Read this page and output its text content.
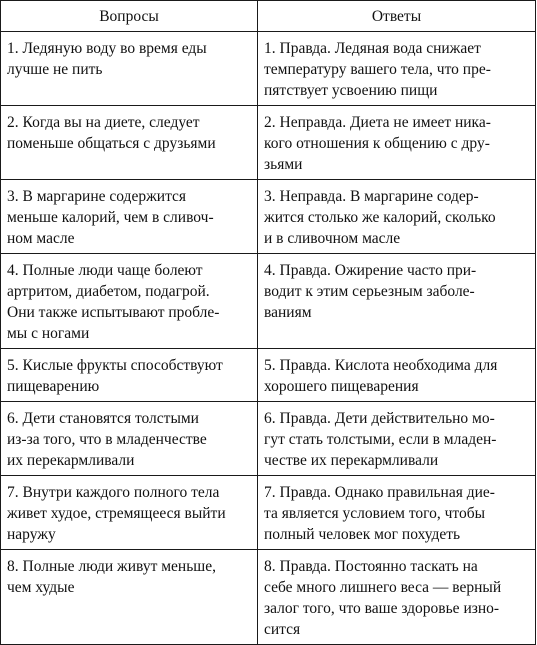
Вопросы	Ответы

1. Ледяную воду во время еды
лучше не пить	1. Правда. Ледяная вода снижает
температуру вашего тела, что пре-
пятствует усвоению пищи

2. Когда вы на диете, следует
поменьше общаться с друзьями	2. Неправда. Диета не имеет ника-
кого отношения к общению с дру-
зьями

3. В маргарине содержится
меньше калорий, чем в сливоч-
ном масле	3. Неправда. В маргарине содер-
жится столько же калорий, сколько
и в сливочном масле

4. Полные люди чаще болеют
артритом, диабетом, подагрой.
Они также испытывают пробле-
мы с ногами	4. Правда. Ожирение часто при-
водит к этим серьезным заболе-
ваниям

5. Кислые фрукты способствуют
пищеварению	5. Правда. Кислота необходима для
хорошего пищеварения

6. Дети становятся толстыми
из-за того, что в младенчестве
их перекармливали	6. Правда. Дети действительно мо-
гут стать толстыми, если в младен-
честве их перекармливали

7. Внутри каждого полного тела
живет худое, стремящееся выйти
наружу	7. Правда. Однако правильная дие-
та является условием того, чтобы
полный человек мог похудеть

8. Полные люди живут меньше,
чем худые	8. Правда. Постоянно таскать на
себе много лишнего веса — верный
залог того, что ваше здоровье изно-
сится
